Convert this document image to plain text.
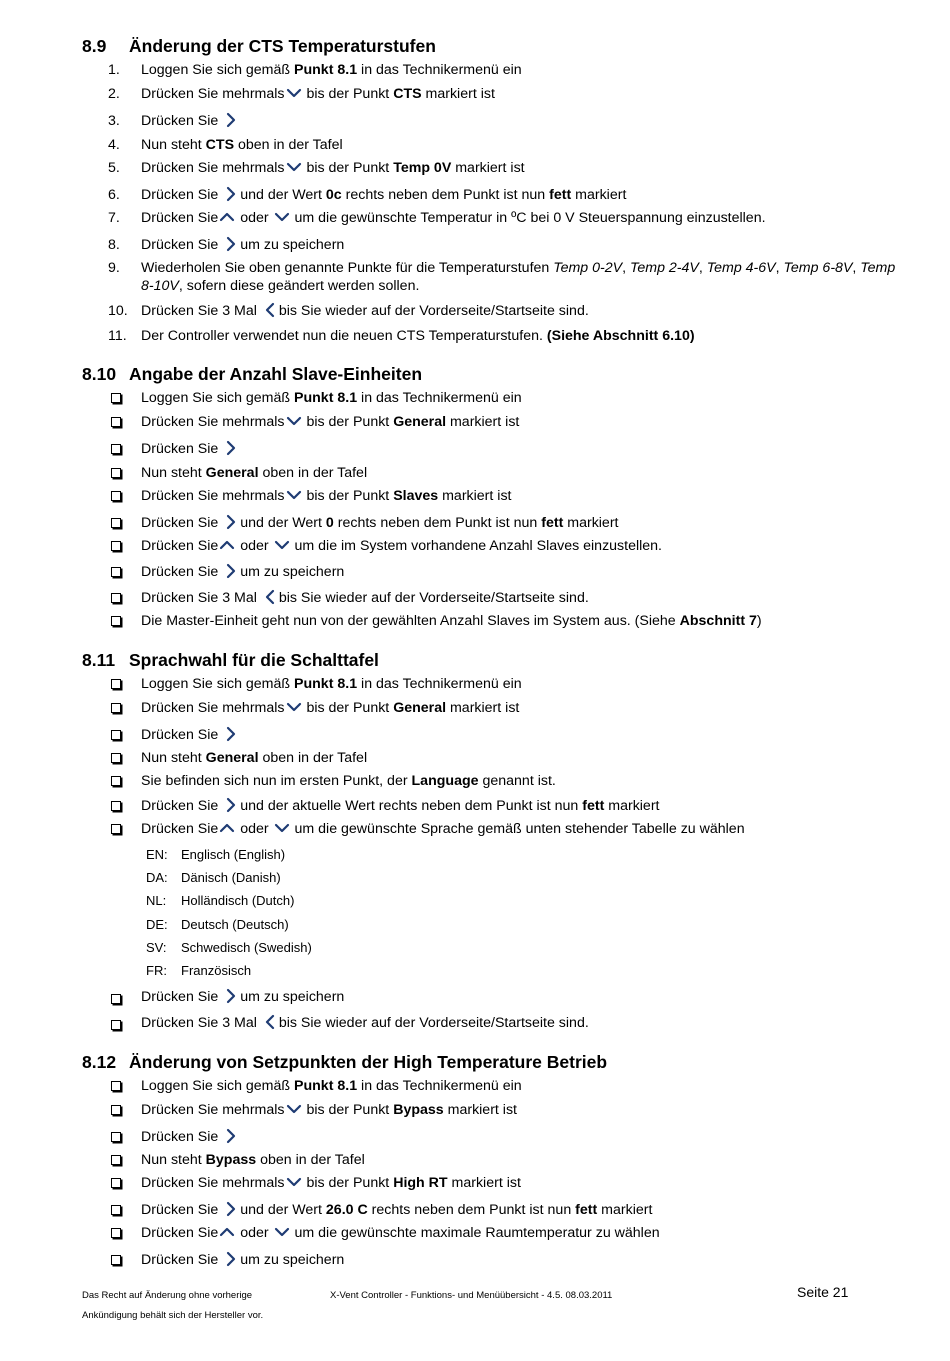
8.9 Änderung der CTS Temperaturstufen
1.	Loggen Sie sich gemäß Punkt 8.1 in das Technikermenü ein
2.	Drücken Sie mehrmals
bis der Punkt CTS markiert ist
3.	Drücken Sie
4.	Nun steht CTS oben in der Tafel
5.	Drücken Sie mehrmals
bis der Punkt Temp 0V markiert ist
6.	Drücken Sie
und der Wert 0c rechts neben dem Punkt ist nun fett markiert
7.	Drücken Sie
oder
um die gewünschte Temperatur in ºC bei 0 V Steuerspannung einzustellen.
8.	Drücken Sie
um zu speichern
9.	Wiederholen Sie oben genannte Punkte für die Temperaturstufen Temp 0-2V, Temp 2-4V, Temp 4-6V, Temp 6-8V, Temp 8-10V, sofern diese geändert werden sollen.
10. Drücken Sie 3 Mal
bis Sie wieder auf der Vorderseite/Startseite sind.
11.	Der Controller verwendet nun die neuen CTS Temperaturstufen. (Siehe Abschnitt 6.10)
8.10 Angabe der Anzahl Slave-Einheiten
Loggen Sie sich gemäß Punkt 8.1 in das Technikermenü ein
Drücken Sie mehrmals
bis der Punkt General markiert ist
Drücken Sie
Nun steht General oben in der Tafel
Drücken Sie mehrmals
bis der Punkt Slaves markiert ist
Drücken Sie
und der Wert 0 rechts neben dem Punkt ist nun fett markiert
Drücken Sie
oder
um die im System vorhandene Anzahl Slaves einzustellen.
Drücken Sie
um zu speichern
Drücken Sie 3 Mal
bis Sie wieder auf der Vorderseite/Startseite sind.
Die Master-Einheit geht nun von der gewählten Anzahl Slaves im System aus. (Siehe Abschnitt 7)
8.11 Sprachwahl für die Schalttafel
Loggen Sie sich gemäß Punkt 8.1 in das Technikermenü ein
Drücken Sie mehrmals
bis der Punkt General markiert ist
Drücken Sie
Nun steht General oben in der Tafel
Sie befinden sich nun im ersten Punkt, der Language genannt ist.
Drücken Sie
und der aktuelle Wert rechts neben dem Punkt ist nun fett markiert
Drücken Sie
oder
um die gewünschte Sprache gemäß unten stehender Tabelle zu wählen
EN: Englisch (English)
DA: Dänisch (Danish)
NL: Holländisch (Dutch)
DE: Deutsch (Deutsch)
SV: Schwedisch (Swedish)
FR: Französisch
Drücken Sie
um zu speichern
Drücken Sie 3 Mal
bis Sie wieder auf der Vorderseite/Startseite sind.
8.12 Änderung von Setzpunkten der High Temperature Betrieb
Loggen Sie sich gemäß Punkt 8.1 in das Technikermenü ein
Drücken Sie mehrmals
bis der Punkt Bypass markiert ist
Drücken Sie
Nun steht Bypass oben in der Tafel
Drücken Sie mehrmals
bis der Punkt High RT markiert ist
Drücken Sie
und der Wert 26.0 C rechts neben dem Punkt ist nun fett markiert
Drücken Sie
oder
um die gewünschte maximale Raumtemperatur zu wählen
Drücken Sie
um zu speichern
Das Recht auf Änderung ohne vorherige
Ankündigung behält sich der Hersteller vor.
X-Vent Controller - Funktions- und Menüübersicht - 4.5. 08.03.2011	Seite 21
